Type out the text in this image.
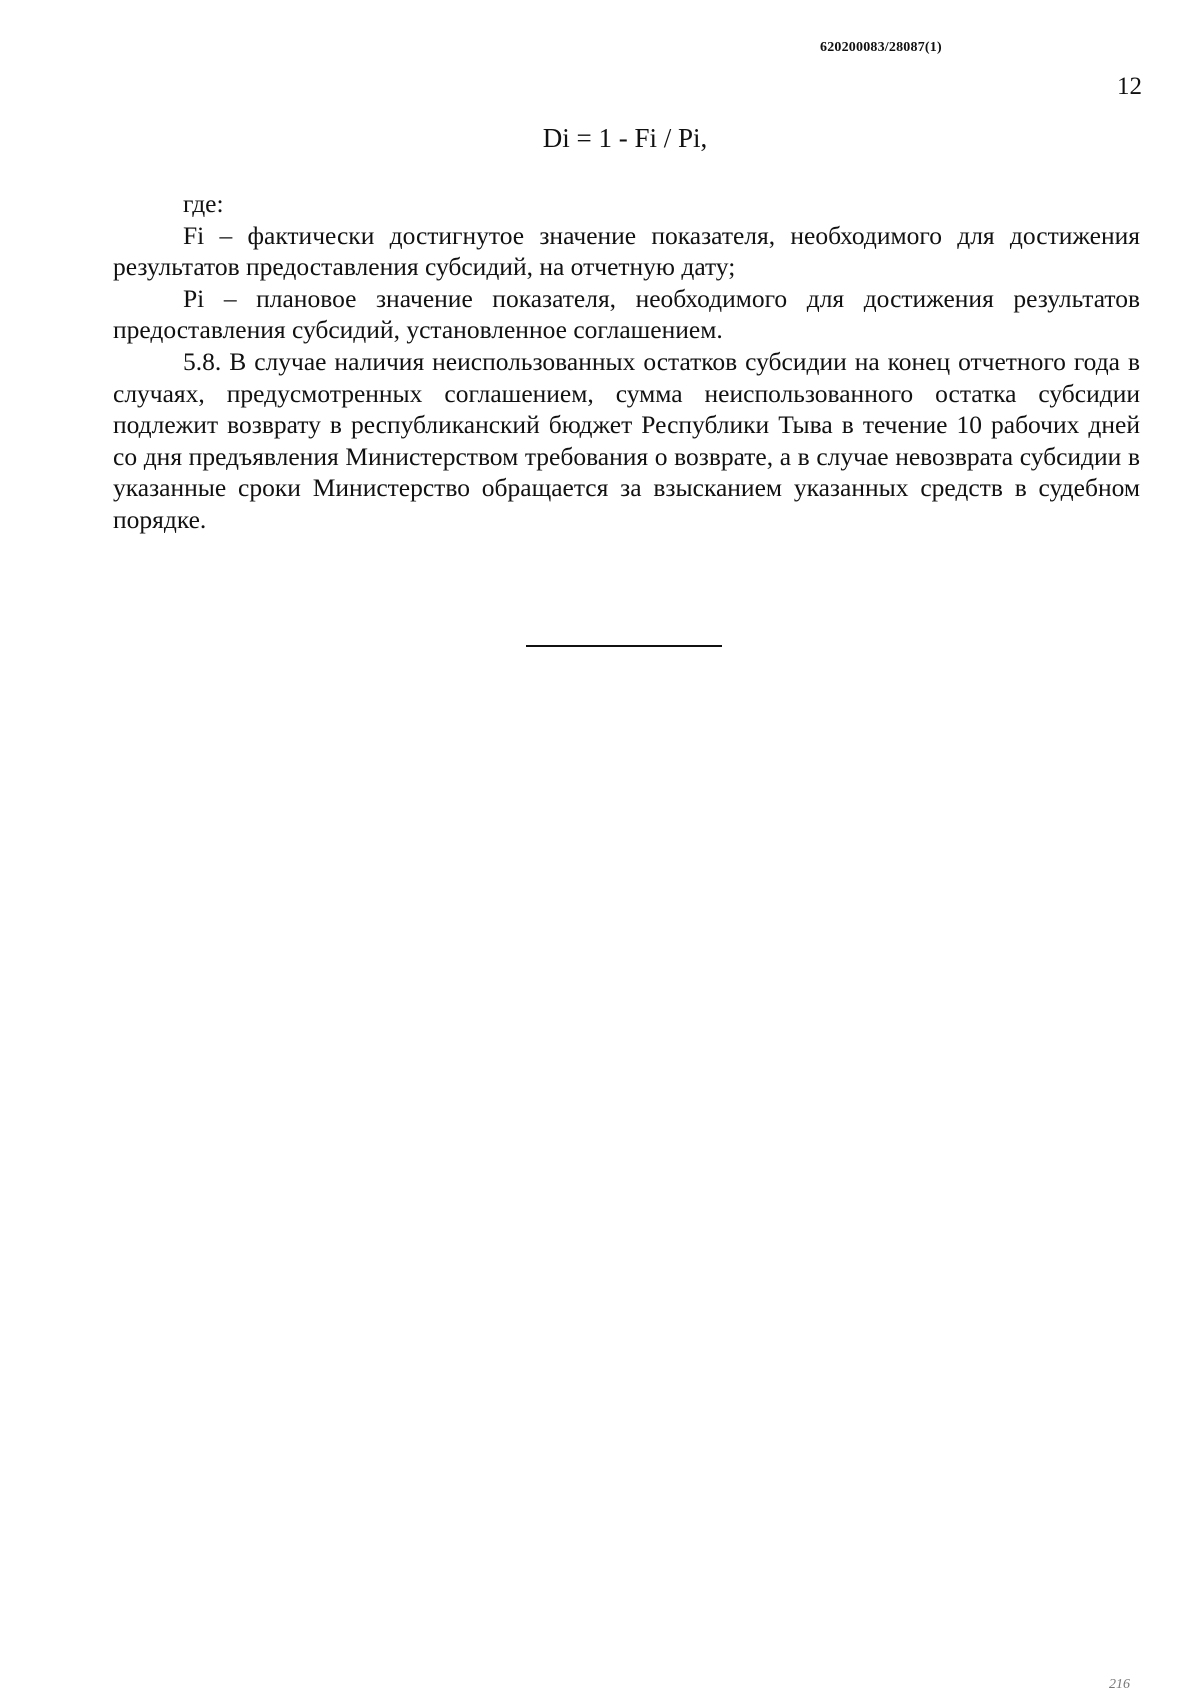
620200083/28087(1)
12
Di = 1 - Fi / Pi,

где:

Fi – фактически достигнутое значение показателя, необходимого для достижения результатов предоставления субсидий, на отчетную дату;

Pi – плановое значение показателя, необходимого для достижения результатов предоставления субсидий, установленное соглашением.

5.8. В случае наличия неиспользованных остатков субсидии на конец отчетного года в случаях, предусмотренных соглашением, сумма неиспользованного остатка субсидии подлежит возврату в республиканский бюджет Республики Тыва в течение 10 рабочих дней со дня предъявления Министерством требования о возврате, а в случае невозврата субсидии в указанные сроки Министерство обращается за взысканием указанных средств в судебном порядке.

216
